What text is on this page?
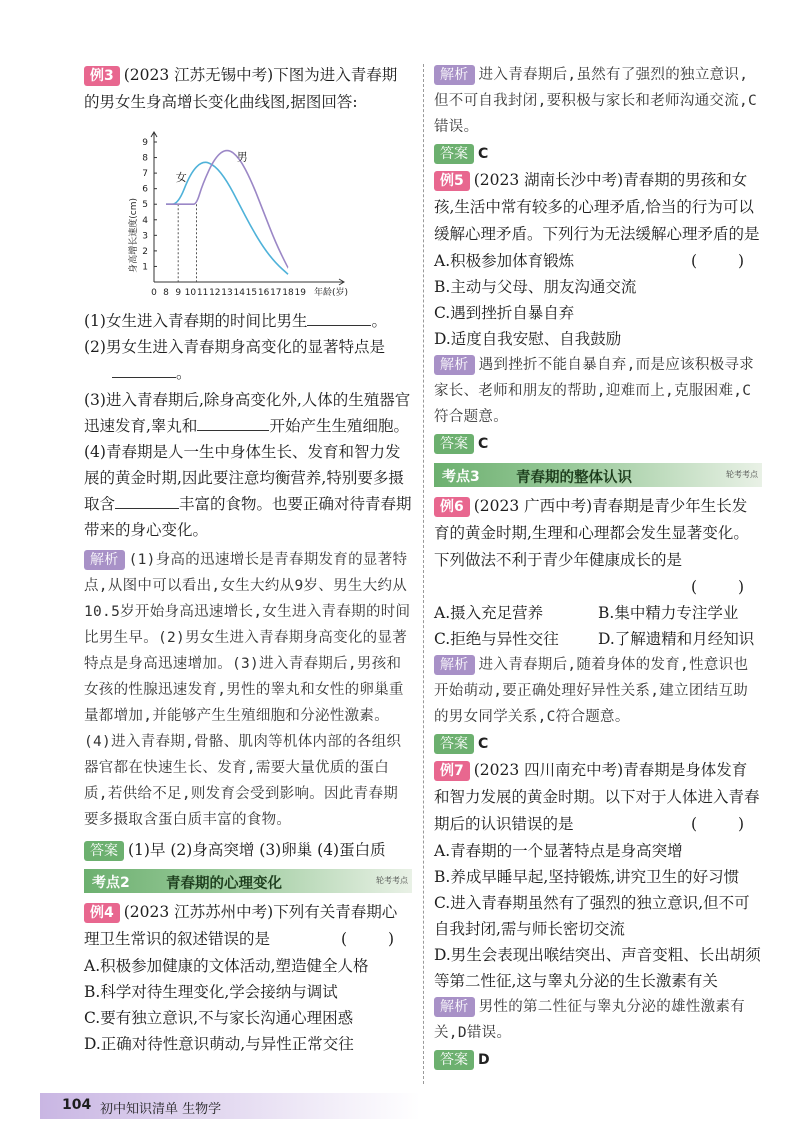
例3 (2023 江苏无锡中考)下图为进入青春期的男女生身高增长变化曲线图,据图回答:

0 8 9 10 11 12 13 14 15 16 17 18 19
1
2
3
4
5
6
7
8
9
年龄(岁)
身高增长速度(cm)
女
男

(1)女生进入青春期的时间比男生	。

(2)男女生进入青春期身高变化的显著特点是

。

(3)进入青春期后,除身高变化外,人体的生殖器官迅速发育,睾丸和	开始产生生殖细胞。

(4)青春期是人一生中身体生长、发育和智力发展的黄金时期,因此要注意均衡营养,特别要多摄取含	丰富的食物。也要正确对待青春期带来的身心变化。

解析 (1)身高的迅速增长是青春期发育的显著特点,从图中可以看出,女生大约从9岁、男生大约从10.5岁开始身高迅速增长,女生进入青春期的时间比男生早。(2)男女生进入青春期身高变化的显著特点是身高迅速增加。(3)进入青春期后,男孩和女孩的性腺迅速发育,男性的睾丸和女性的卵巢重量都增加,并能够产生生殖细胞和分泌性激素。(4)进入青春期,骨骼、肌肉等机体内部的各组织器官都在快速生长、发育,需要大量优质的蛋白质,若供给不足,则发育会受到影响。因此青春期要多摄取含蛋白质丰富的食物。

答案 (1)早 (2)身高突增 (3)卵巢 (4)蛋白质

考点2	青春期的心理变化	轮考考点

例4 (2023 江苏苏州中考)下列有关青春期心理卫生常识的叙述错误的是	( )

A.积极参加健康的文体活动,塑造健全人格

B.科学对待生理变化,学会接纳与调试

C.要有独立意识,不与家长沟通心理困惑

D.正确对待性意识萌动,与异性正常交往

解析 进入青春期后,虽然有了强烈的独立意识,但不可自我封闭,要积极与家长和老师沟通交流,C错误。

答案 C

例5 (2023 湖南长沙中考)青春期的男孩和女孩,生活中常有较多的心理矛盾,恰当的行为可以缓解心理矛盾。下列行为无法缓解心理矛盾的是
( )

A.积极参加体育锻炼

B.主动与父母、朋友沟通交流

C.遇到挫折自暴自弃

D.适度自我安慰、自我鼓励

解析 遇到挫折不能自暴自弃,而是应该积极寻求家长、老师和朋友的帮助,迎难而上,克服困难,C符合题意。

答案 C

考点3	青春期的整体认识	轮考考点

例6 (2023 广西中考)青春期是青少年生长发育的黄金时期,生理和心理都会发生显著变化。下列做法不利于青少年健康成长的是

( )

A.摄入充足营养	B.集中精力专注学业

C.拒绝与异性交往	D.了解遗精和月经知识

解析 进入青春期后,随着身体的发育,性意识也开始萌动,要正确处理好异性关系,建立团结互助的男女同学关系,C符合题意。

答案 C

例7 (2023 四川南充中考)青春期是身体发育和智力发展的黄金时期。以下对于人体进入青春期后的认识错误的是	( )

A.青春期的一个显著特点是身高突增

B.养成早睡早起,坚持锻炼,讲究卫生的好习惯

C.进入青春期虽然有了强烈的独立意识,但不可自我封闭,需与师长密切交流

D.男生会表现出喉结突出、声音变粗、长出胡须等第二性征,这与睾丸分泌的生长激素有关

解析 男性的第二性征与睾丸分泌的雄性激素有关,D错误。

答案 D

104 初中知识清单 生物学
